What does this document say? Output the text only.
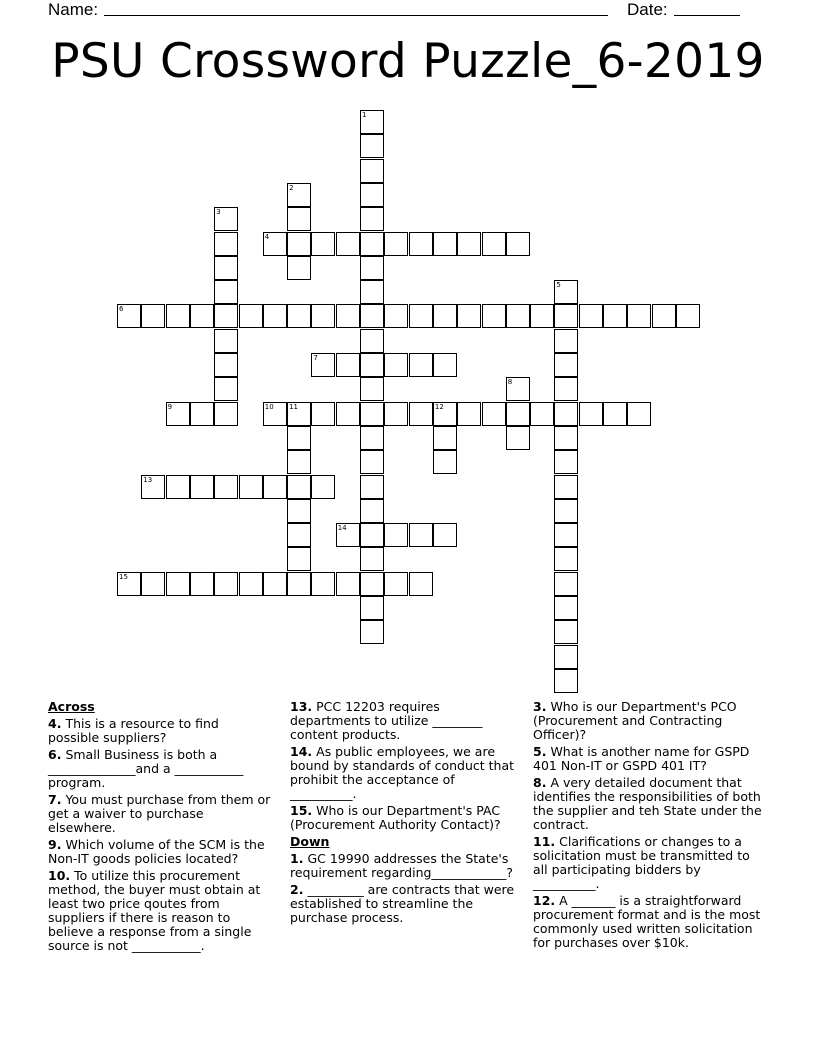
Name:	Date:
PSU Crossword Puzzle_6-2019
1
2
3
4
5
6
7
8
9	10 11	12
13
14
15
Across
4. This is a resource to find possible suppliers?
6. Small Business is both a ______________and a ___________ program.
7. You must purchase from them or get a waiver to purchase elsewhere.
9. Which volume of the SCM is the Non-IT goods policies located?
10. To utilize this procurement method, the buyer must obtain at least two price qoutes from suppliers if there is reason to believe a response from a single source is not ___________.
13. PCC 12203 requires departments to utilize ________ content products.
14. As public employees, we are bound by standards of conduct that prohibit the acceptance of __________.
15. Who is our Department's PAC (Procurement Authority Contact)?
Down
1. GC 19990 addresses the State's requirement regarding____________?
2. _________ are contracts that were established to streamline the purchase process.
3. Who is our Department's PCO (Procurement and Contracting Officer)?
5. What is another name for GSPD 401 Non-IT or GSPD 401 IT?
8. A very detailed document that identifies the responsibilities of both the supplier and teh State under the contract.
11. Clarifications or changes to a solicitation must be transmitted to all participating bidders by __________.
12. A _______ is a straightforward procurement format and is the most commonly used written solicitation for purchases over $10k.
